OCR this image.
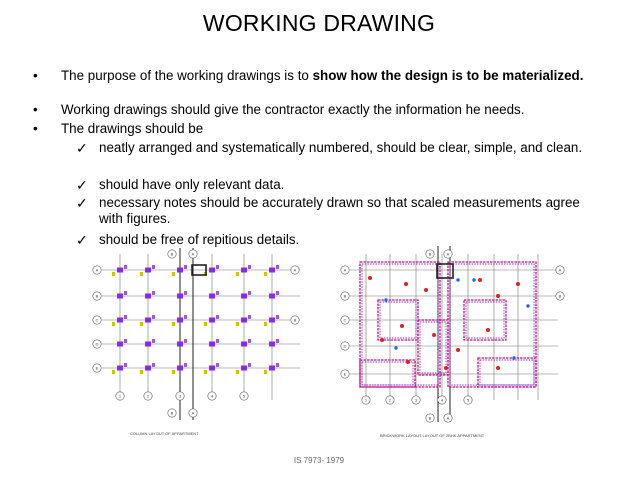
WORKING DRAWING
• The purpose of the working drawings is to show how the design is to be materialized.
• Working drawings should give the contractor exactly the information he needs.
• The drawings should be
✓ neatly arranged and systematically numbered, should be clear, simple, and clean.
✓ should have only relevant data.
✓ necessary notes should be accurately drawn so that scaled measurements agree with figures.
✓ should be free of repitious details.
A
B
C
D
E
A
B
1	2	3	4	5
B	A
B	A
COLUMN LAYOUT OF APPARTMENT
A
B
C
D
E
A
B
1	2	3	4	5
B	A
B	A
BRICKWORK LAYOUT LAYOUT OF 2BHK APPARTMENT
IS 7973- 1979
